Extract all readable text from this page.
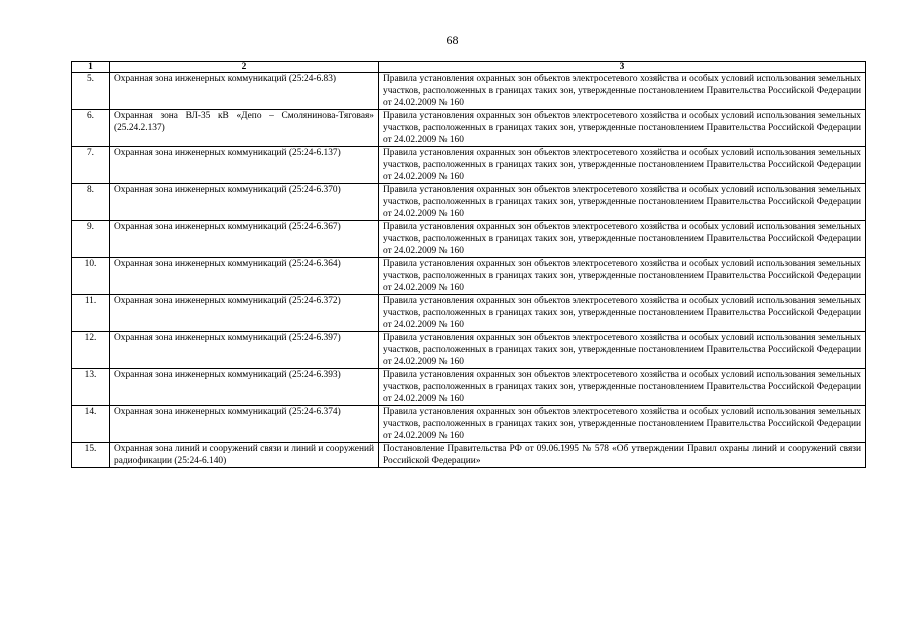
68
1	2	3
5.	Охранная зона инженерных коммуникаций (25:24-6.83)	Правила установления охранных зон объектов электросетевого хозяйства и особых условий использования земельных участков, расположенных в границах таких зон, утвержденные постановлением Правительства Российской Федерации от 24.02.2009 № 160
6.	Охранная зона ВЛ-35 кВ «Депо – Смолянинова-Тяговая» (25.24.2.137)	Правила установления охранных зон объектов электросетевого хозяйства и особых условий использования земельных участков, расположенных в границах таких зон, утвержденные постановлением Правительства Российской Федерации от 24.02.2009 № 160
7.	Охранная зона инженерных коммуникаций (25:24-6.137)	Правила установления охранных зон объектов электросетевого хозяйства и особых условий использования земельных участков, расположенных в границах таких зон, утвержденные постановлением Правительства Российской Федерации от 24.02.2009 № 160
8.	Охранная зона инженерных коммуникаций (25:24-6.370)	Правила установления охранных зон объектов электросетевого хозяйства и особых условий использования земельных участков, расположенных в границах таких зон, утвержденные постановлением Правительства Российской Федерации от 24.02.2009 № 160
9.	Охранная зона инженерных коммуникаций (25:24-6.367)	Правила установления охранных зон объектов электросетевого хозяйства и особых условий использования земельных участков, расположенных в границах таких зон, утвержденные постановлением Правительства Российской Федерации от 24.02.2009 № 160
10.	Охранная зона инженерных коммуникаций (25:24-6.364)	Правила установления охранных зон объектов электросетевого хозяйства и особых условий использования земельных участков, расположенных в границах таких зон, утвержденные постановлением Правительства Российской Федерации от 24.02.2009 № 160
11.	Охранная зона инженерных коммуникаций (25:24-6.372)	Правила установления охранных зон объектов электросетевого хозяйства и особых условий использования земельных участков, расположенных в границах таких зон, утвержденные постановлением Правительства Российской Федерации от 24.02.2009 № 160
12.	Охранная зона инженерных коммуникаций (25:24-6.397)	Правила установления охранных зон объектов электросетевого хозяйства и особых условий использования земельных участков, расположенных в границах таких зон, утвержденные постановлением Правительства Российской Федерации от 24.02.2009 № 160
13.	Охранная зона инженерных коммуникаций (25:24-6.393)	Правила установления охранных зон объектов электросетевого хозяйства и особых условий использования земельных участков, расположенных в границах таких зон, утвержденные постановлением Правительства Российской Федерации от 24.02.2009 № 160
14.	Охранная зона инженерных коммуникаций (25:24-6.374)	Правила установления охранных зон объектов электросетевого хозяйства и особых условий использования земельных участков, расположенных в границах таких зон, утвержденные постановлением Правительства Российской Федерации от 24.02.2009 № 160
15.	Охранная зона линий и сооружений связи и линий и сооружений радиофикации (25:24-6.140)	Постановление Правительства РФ от 09.06.1995 № 578 «Об утверждении Правил охраны линий и сооружений связи Российской Федерации»
